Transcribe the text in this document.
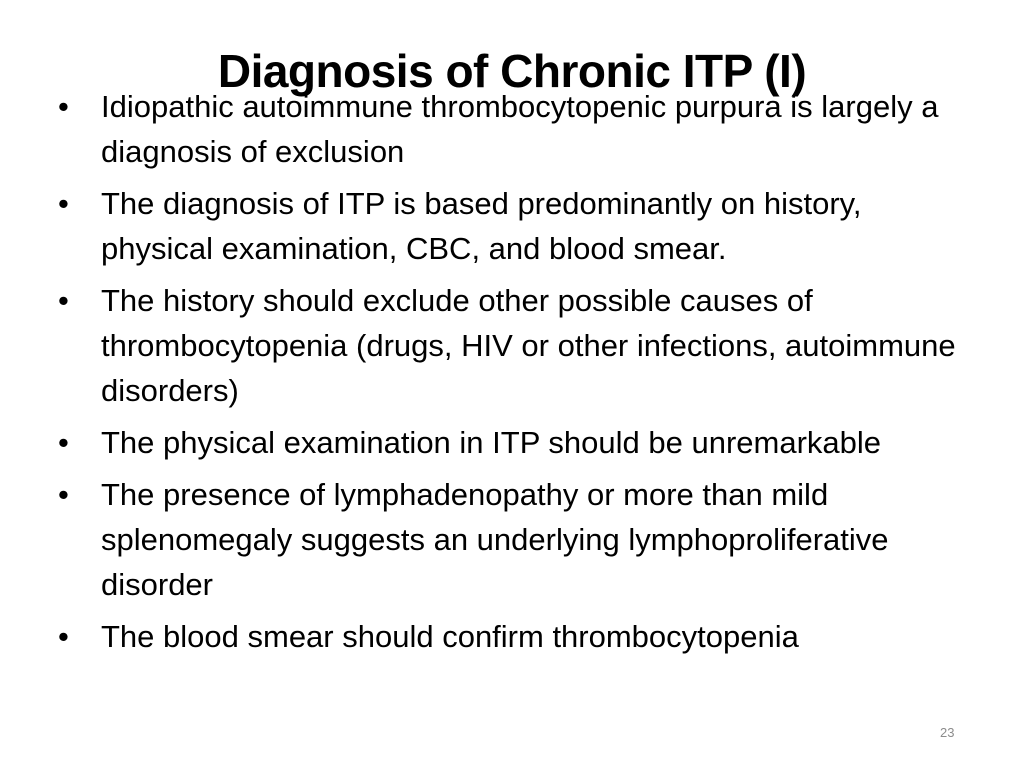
Diagnosis of Chronic ITP (I)
• Idiopathic autoimmune thrombocytopenic purpura is largely a diagnosis of exclusion
• The diagnosis of ITP is based predominantly on history, physical examination, CBC, and blood smear.
• The history should exclude other possible causes of thrombocytopenia (drugs, HIV or other infections, autoimmune disorders)
• The physical examination in ITP should be unremarkable
• The presence of lymphadenopathy or more than mild splenomegaly suggests an underlying lymphoproliferative disorder
• The blood smear should confirm thrombocytopenia
23
